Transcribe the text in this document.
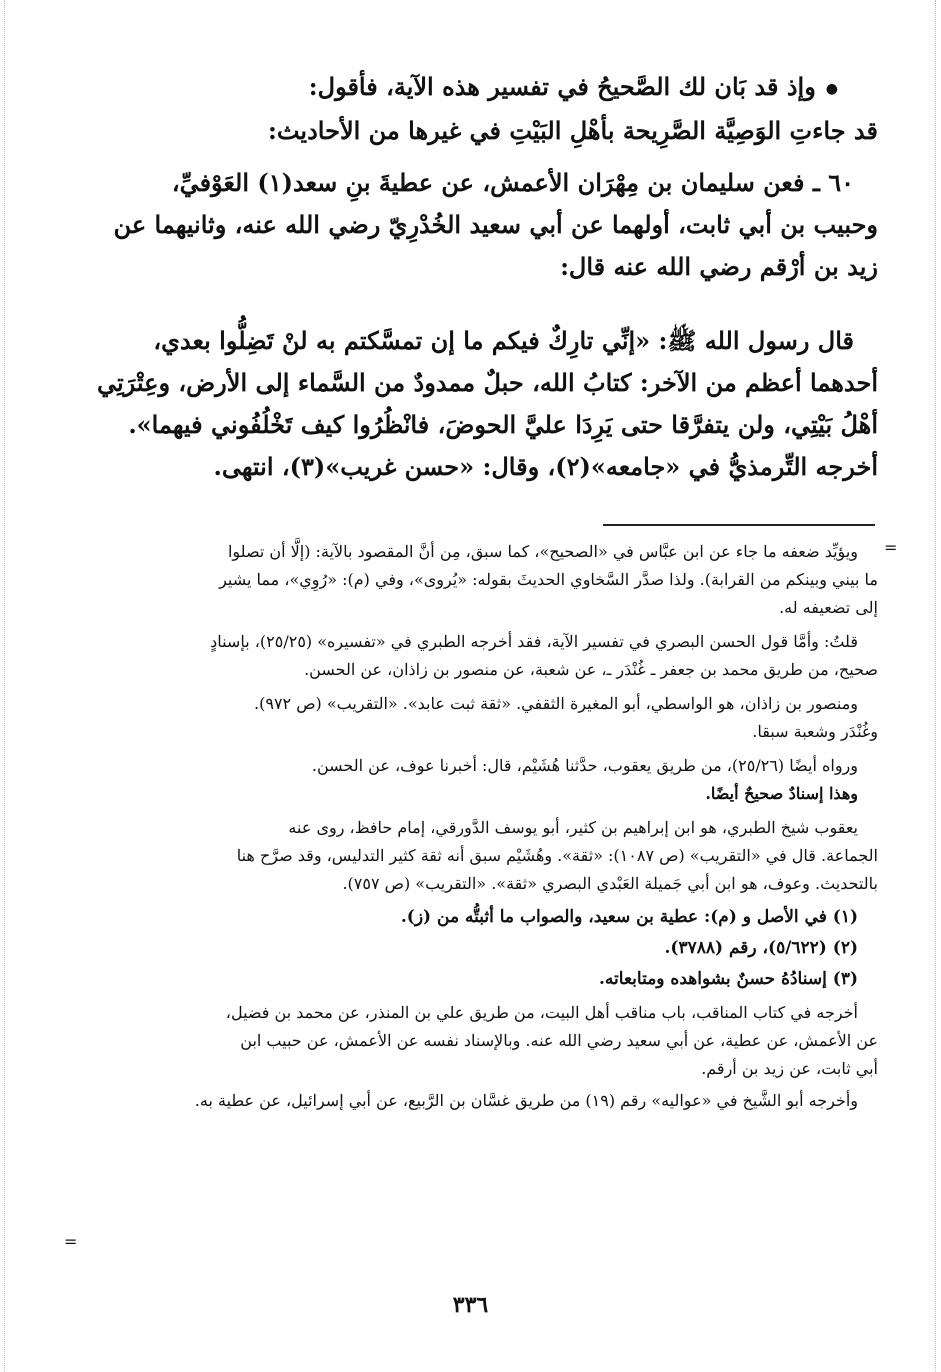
● وإذ قد بَان لك الصَّحيحُ في تفسير هذه الآية، فأقول:

قد جاءتِ الوَصِيَّة الصَّرِيحة بأهْلِ البَيْتِ في غيرها من الأحاديث:

٦٠ ـ فعن سليمان بن مِهْرَان الأعمش، عن عطيةَ بنِ سعد(١) العَوْفيِّ،

وحبيب بن أبي ثابت، أولهما عن أبي سعيد الخُدْرِيّ رضي الله عنه، وثانيهما عن

زيد بن أرْقم رضي الله عنه قال:

قال رسول الله ﷺ: «إنِّي تارِكٌ فيكم ما إن تمسَّكتم به لنْ تَضِلُّوا بعدي،

أحدهما أعظم من الآخر: كتابُ الله، حبلٌ ممدودٌ من السَّماء إلى الأرض، وعِتْرَتِي

أهْلُ بَيْتِي، ولن يتفرَّقا حتى يَرِدَا عليَّ الحوضَ، فانْظُرُوا كيف تَخْلُفُوني فيهما».

أخرجه التِّرمذيُّ في «جامعه»(٢)، وقال: «حسن غريب»(٣)، انتهى.

ويؤيِّد ضعفه ما جاء عن ابن عبَّاس في «الصحيح»، كما سبق، مِن أنَّ المقصود بالآية: (إلَّا أن تصلوا

ما بيني وبينكم من القرابة). ولذا صدَّر السَّخاوي الحديثَ بقوله: «يُروى»، وفي (م): «رُوِي»، مما يشير

إلى تضعيفه له.

قلتُ: وأمَّا قول الحسن البصري في تفسير الآية، فقد أخرجه الطبري في «تفسيره» (٢٥/٢٥)، بإسنادٍ

صحيح، من طريق محمد بن جعفر ـ غُنْدَر ـ، عن شعبة، عن منصور بن زاذان، عن الحسن.

ومنصور بن زاذان، هو الواسطي، أبو المغيرة الثقفي. «ثقة ثبت عابد». «التقريب» (ص ٩٧٢).

وغُنْدَر وشعبة سبقا.

ورواه أيضًا (٢٥/٢٦)، من طريق يعقوب، حدَّثنا هُشَيْم، قال: أخبرنا عوف، عن الحسن.

وهذا إسنادٌ صحيحٌ أيضًا.

يعقوب شيخ الطبري، هو ابن إبراهيم بن كثير، أبو يوسف الدَّورقي، إمام حافظ، روى عنه

الجماعة. قال في «التقريب» (ص ١٠٨٧): «ثقة». وهُشَيْم سبق أنه ثقة كثير التدليس، وقد صرَّح هنا

بالتحديث. وعوف، هو ابن أبي جَميلة العَبْدي البصري «ثقة». «التقريب» (ص ٧٥٧).

(١) في الأصل و (م): عطية بن سعيد، والصواب ما أثبتُّه من (ز).

(٢) (٥/٦٢٢)، رقم (٣٧٨٨).

(٣) إسنادُهُ حسنٌ بشواهده ومتابعاته.

أخرجه في كتاب المناقب، باب مناقب أهل البيت، من طريق علي بن المنذر، عن محمد بن فضيل،

عن الأعمش، عن عطية، عن أبي سعيد رضي الله عنه. وبالإسناد نفسه عن الأعمش، عن حبيب ابن

أبي ثابت، عن زيد بن أرقم.

وأخرجه أبو الشَّيخ في «عواليه» رقم (١٩) من طريق غسَّان بن الرَّبيع، عن أبي إسرائيل، عن عطية به.

=
=
٣٣٦
